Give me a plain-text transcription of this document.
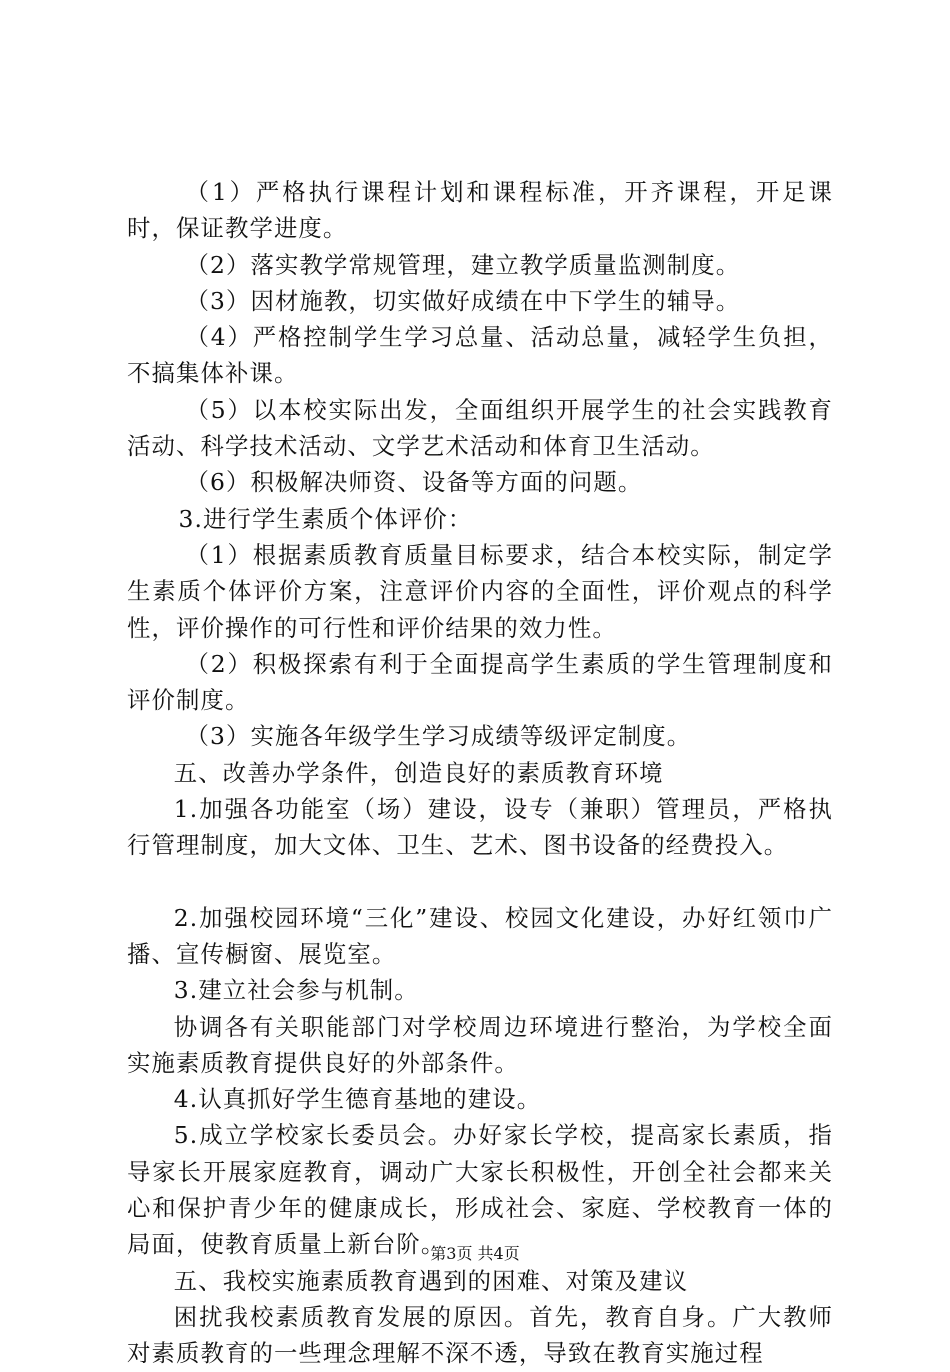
（1）严格执行课程计划和课程标准，开齐课程，开足课时，保证教学进度。

（2）落实教学常规管理，建立教学质量监测制度。

（3）因材施教，切实做好成绩在中下学生的辅导。

（4）严格控制学生学习总量、活动总量，减轻学生负担，不搞集体补课。

（5）以本校实际出发，全面组织开展学生的社会实践教育活动、科学技术活动、文学艺术活动和体育卫生活动。

（6）积极解决师资、设备等方面的问题。

3.进行学生素质个体评价：

（1）根据素质教育质量目标要求，结合本校实际，制定学生素质个体评价方案，注意评价内容的全面性，评价观点的科学性，评价操作的可行性和评价结果的效力性。

（2）积极探索有利于全面提高学生素质的学生管理制度和评价制度。

（3）实施各年级学生学习成绩等级评定制度。

五、改善办学条件，创造良好的素质教育环境

1.加强各功能室（场）建设，设专（兼职）管理员，严格执行管理制度，加大文体、卫生、艺术、图书设备的经费投入。

2.加强校园环境“三化”建设、校园文化建设，办好红领巾广播、宣传橱窗、展览室。

3.建立社会参与机制。

协调各有关职能部门对学校周边环境进行整治，为学校全面实施素质教育提供良好的外部条件。

4.认真抓好学生德育基地的建设。

5.成立学校家长委员会。办好家长学校，提高家长素质，指导家长开展家庭教育，调动广大家长积极性，开创全社会都来关心和保护青少年的健康成长，形成社会、家庭、学校教育一体的局面，使教育质量上新台阶。

五、我校实施素质教育遇到的困难、对策及建议

困扰我校素质教育发展的原因。首先，教育自身。广大教师对素质教育的一些理念理解不深不透，导致在教育实施过程

第3页 共4页
